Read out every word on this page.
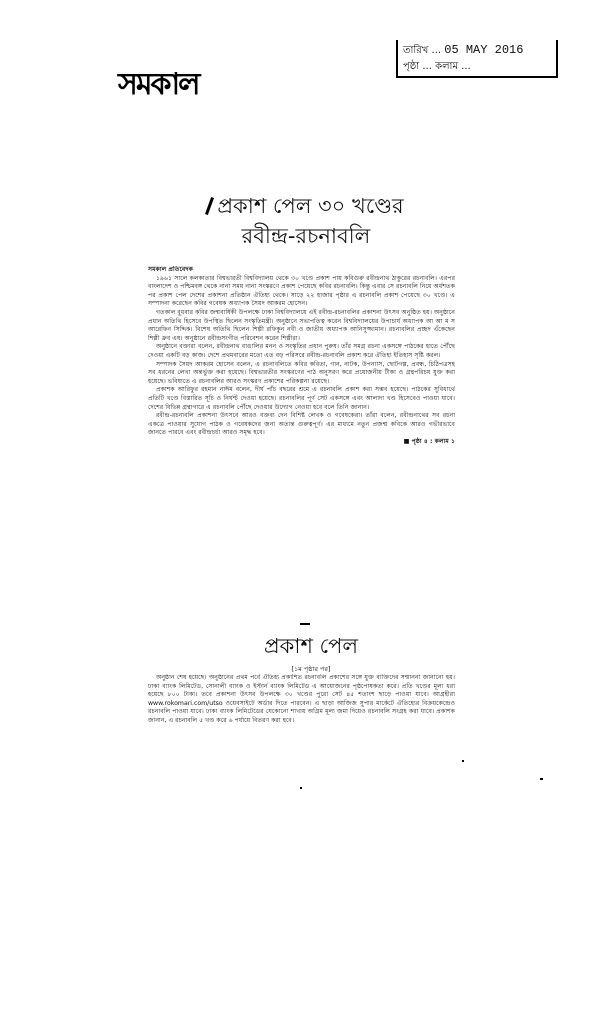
সমকাল
তারিখ ... 05 MAY 2016
পৃষ্ঠা ... কলাম ...
প্রকাশ পেল ৩০ খণ্ডের
রবীন্দ্র-রচনাবলি
সমকাল প্রতিবেদক

১৯৬১ সালে কলকাতার বিশ্বভারতী বিশ্ববিদ্যালয় থেকে ৩০ খণ্ডে প্রকাশ পায় কবিগুরু রবীন্দ্রনাথ ঠাকুরের রচনাবলি। এরপর বাংলাদেশ ও পশ্চিমবঙ্গ থেকে নানা সময় নানা সংস্করণে প্রকাশ পেয়েছে কবির রচনাবলি। কিন্তু এবার সে রচনাবলি নিয়ে অর্ধশতক পর প্রকাশ পেল দেশের প্রকাশনা প্রতিষ্ঠান ঐতিহ্য থেকে। সাড়ে ২২ হাজার পৃষ্ঠার এ রচনাবলি প্রকাশ পেয়েছে ৩০ খণ্ডে। এ সম্পাদনা করেছেন কবির গবেষক অধ্যাপক সৈয়দ আকরম হোসেন।

গতকাল বুধবার কবির জন্মবার্ষিকী উপলক্ষে ঢাকা বিশ্ববিদ্যালয়ে এই রবীন্দ্র-রচনাবলির প্রকাশনা উৎসব অনুষ্ঠিত হয়। অনুষ্ঠানে প্রধান অতিথি হিসেবে উপস্থিত ছিলেন সংস্কৃতিমন্ত্রী। অনুষ্ঠানে সভাপতিত্ব করেন বিশ্ববিদ্যালয়ের উপাচার্য অধ্যাপক আ আ ম স আরেফিন সিদ্দিক। বিশেষ অতিথি ছিলেন শিল্পী রফিকুন নবী ও জাতীয় অধ্যাপক আনিসুজ্জামান। রচনাবলির প্রচ্ছদ এঁকেছেন শিল্পী ধ্রুব এষ। অনুষ্ঠানে রবীন্দ্রসংগীত পরিবেশন করেন শিল্পীরা।

অনুষ্ঠানে বক্তারা বলেন, রবীন্দ্রনাথ বাঙালির মনন ও সংস্কৃতির প্রধান পুরুষ। তাঁর সমগ্র রচনা একসঙ্গে পাঠকের হাতে পৌঁছে দেওয়া একটি বড় কাজ। দেশে প্রথমবারের মতো এত বড় পরিসরে রবীন্দ্র-রচনাবলি প্রকাশ করে ঐতিহ্য ইতিহাস সৃষ্টি করল।

সম্পাদক সৈয়দ আকরম হোসেন বলেন, এ রচনাবলিতে কবির কবিতা, গান, নাটক, উপন্যাস, ছোটগল্প, প্রবন্ধ, চিঠিপত্রসহ সব ধরনের লেখা অন্তর্ভুক্ত করা হয়েছে। বিশ্বভারতীর সংস্করণের পাঠ অনুসরণ করে প্রয়োজনীয় টীকা ও গ্রন্থপরিচয় যুক্ত করা হয়েছে। ভবিষ্যতে এ রচনাবলির আরও সংস্করণ প্রকাশের পরিকল্পনা রয়েছে।

প্রকাশক আরিফুর রহমান নাঈম বলেন, দীর্ঘ পাঁচ বছরের শ্রমে এ রচনাবলি প্রকাশ করা সম্ভব হয়েছে। পাঠকের সুবিধার্থে প্রতিটি খণ্ডে বিস্তারিত সূচি ও নির্ঘণ্ট দেওয়া হয়েছে। রচনাবলির পূর্ণ সেট একসঙ্গে এবং আলাদা খণ্ড হিসেবেও পাওয়া যাবে। দেশের বিভিন্ন গ্রন্থাগারে এ রচনাবলি পৌঁছে দেওয়ার উদ্যোগ নেওয়া হবে বলে তিনি জানান।

রবীন্দ্র-রচনাবলি প্রকাশনা উৎসবে আরও বক্তব্য দেন বিশিষ্ট লেখক ও গবেষকেরা। তাঁরা বলেন, রবীন্দ্রনাথের সব রচনা একত্রে পাওয়ার সুযোগ পাঠক ও গবেষকদের জন্য অত্যন্ত গুরুত্বপূর্ণ। এর মাধ্যমে নতুন প্রজন্ম কবিকে আরও গভীরভাবে জানতে পারবে এবং রবীন্দ্রচর্চা আরও সমৃদ্ধ হবে।

■ পৃষ্ঠা ৪ : কলাম ১
প্রকাশ পেল
[১ম পৃষ্ঠার পর]

অনুষ্ঠান শেষ হয়েছে। অনুষ্ঠানের প্রথম পর্বে ঐতিহ্য প্রকাশিত রচনাবলি প্রকাশের সঙ্গে যুক্ত ব্যক্তিদের সম্মাননা জানানো হয়। ঢাকা ব্যাংক লিমিটেড, সোনালী ব্যাংক ও ইস্টার্ন ব্যাংক লিমিটেড এ আয়োজনের পৃষ্ঠপোষকতা করে। প্রতি খণ্ডের মূল্য ধরা হয়েছে ৮০০ টাকা। তবে প্রকাশনা উৎসব উপলক্ষে ৩০ খণ্ডের পুরো সেট ৪৫ শতাংশ ছাড়ে পাওয়া যাবে। আগ্রহীরা www.rokomari.com/utso ওয়েবসাইটে অর্ডার দিতে পারবেন। এ ছাড়া আজিজ সুপার মার্কেটে ঐতিহ্যের বিক্রয়কেন্দ্রেও রচনাবলি পাওয়া যাবে। ঢাকা ব্যাংক লিমিটেডের যেকোনো শাখায় অগ্রিম মূল্য জমা দিয়েও রচনাবলি সংগ্রহ করা যাবে। প্রকাশক জানান, এ রচনাবলি ৫ খণ্ড করে ৬ পর্যায়ে বিতরণ করা হবে।
